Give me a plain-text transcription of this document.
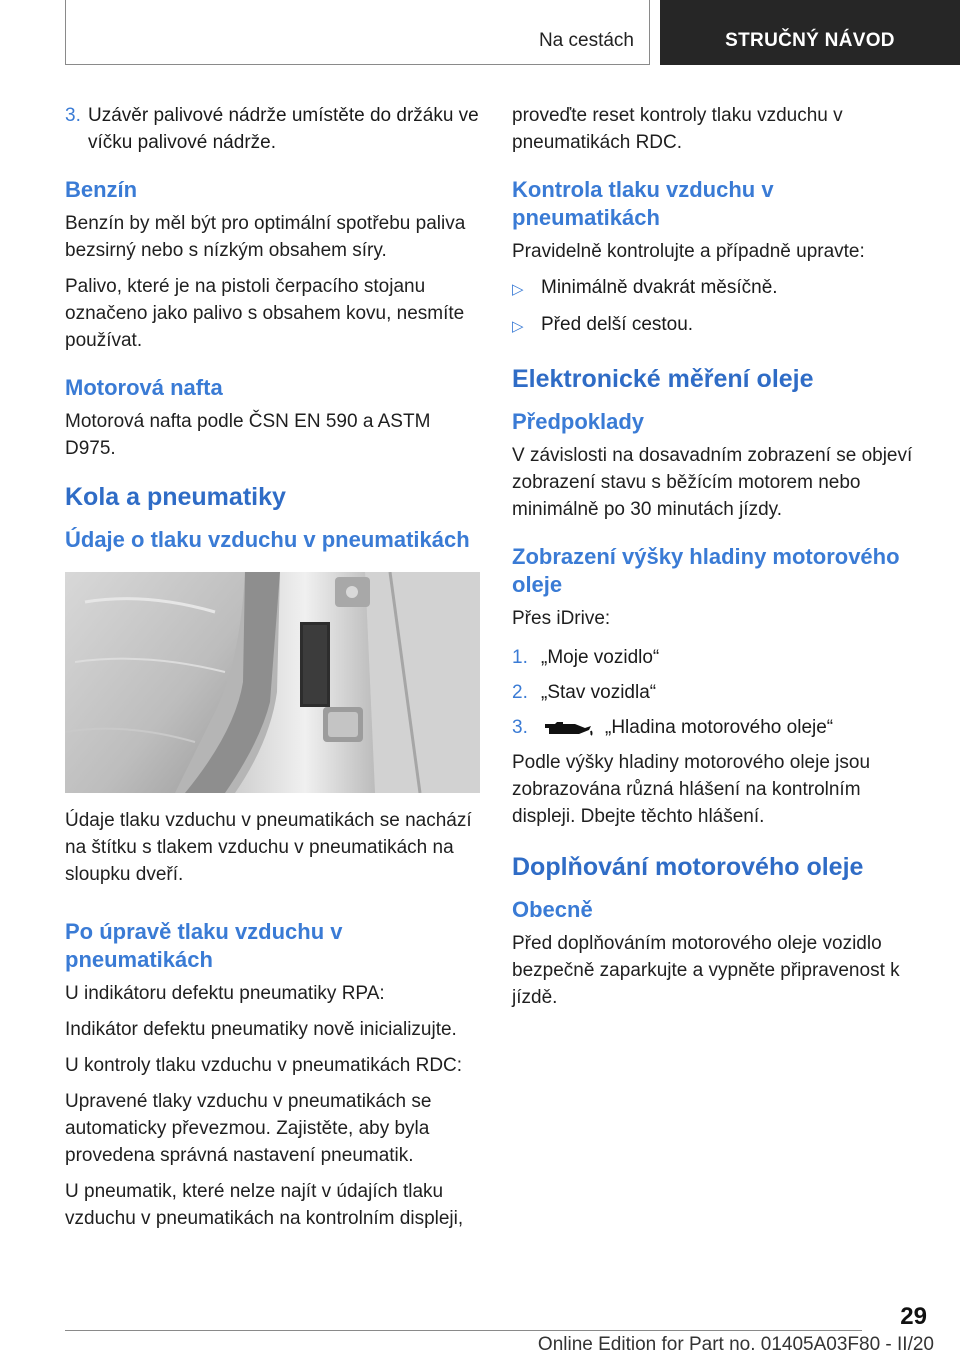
Na cestách	STRUČNÝ NÁVOD
3. Uzávěr palivové nádrže umístěte do držáku ve víčku palivové nádrže.
Benzín

Benzín by měl být pro optimální spotřebu paliva bezsirný nebo s nízkým obsahem síry.

Palivo, které je na pistoli čerpacího stojanu označeno jako palivo s obsahem kovu, nesmíte používat.

Motorová nafta

Motorová nafta podle ČSN EN 590 a ASTM D975.

Kola a pneumatiky
Údaje o tlaku vzduchu v pneumatikách

Údaje tlaku vzduchu v pneumatikách se nachází na štítku s tlakem vzduchu v pneumatikách na sloupku dveří.

Po úpravě tlaku vzduchu v pneumatikách

U indikátoru defektu pneumatiky RPA:

Indikátor defektu pneumatiky nově inicializujte.

U kontroly tlaku vzduchu v pneumatikách RDC:

Upravené tlaky vzduchu v pneumatikách se automaticky převezmou. Zajistěte, aby byla provedena správná nastavení pneumatik.

U pneumatik, které nelze najít v údajích tlaku vzduchu v pneumatikách na kontrolním displeji,

proveďte reset kontroly tlaku vzduchu v pneumatikách RDC.

Kontrola tlaku vzduchu v pneumatikách

Pravidelně kontrolujte a případně upravte:

▷ Minimálně dvakrát měsíčně.
▷ Před delší cestou.
Elektronické měření oleje
Předpoklady

V závislosti na dosavadním zobrazení se objeví zobrazení stavu s běžícím motorem nebo minimálně po 30 minutách jízdy.

Zobrazení výšky hladiny motorového oleje

Přes iDrive:

1. „Moje vozidlo“
2. „Stav vozidla“
3.	„Hladina motorového oleje“

Podle výšky hladiny motorového oleje jsou zobrazována různá hlášení na kontrolním displeji. Dbejte těchto hlášení.

Doplňování motorového oleje
Obecně

Před doplňováním motorového oleje vozidlo bezpečně zaparkujte a vypněte připravenost k jízdě.

29
Online Edition for Part no. 01405A03F80 - II/20
